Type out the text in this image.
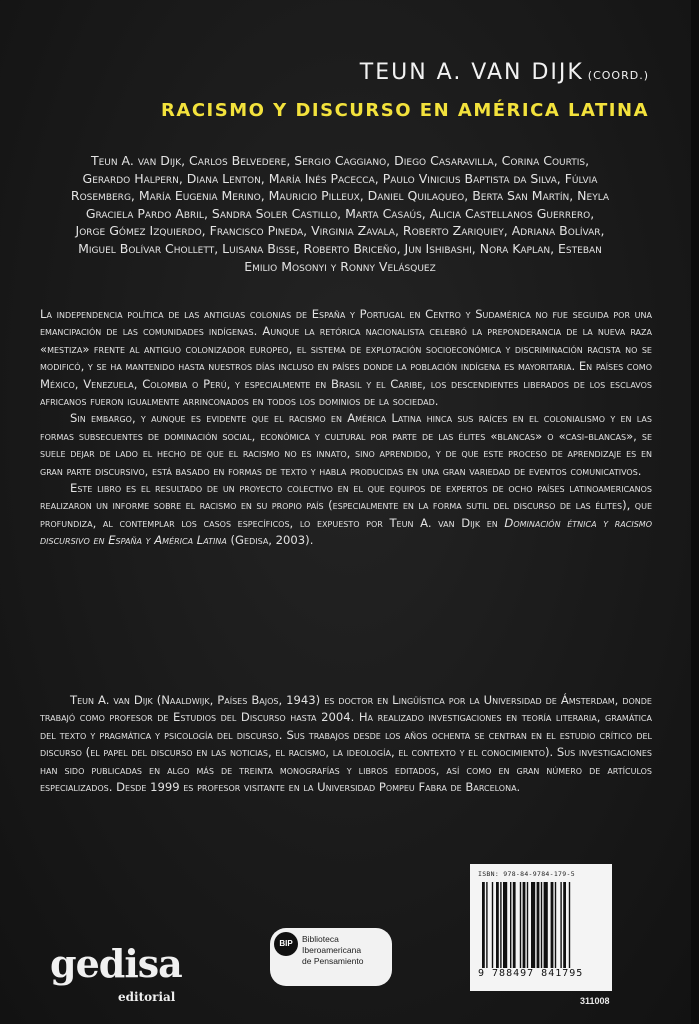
TEUN A. VAN DIJK (COORD.)
RACISMO Y DISCURSO EN AMÉRICA LATINA
Teun A. van Dijk, Carlos Belvedere, Sergio Caggiano, Diego Casaravilla, Corina Courtis, Gerardo Halpern, Diana Lenton, María Inés Pacecca, Paulo Vinicius Baptista da Silva, Fúlvia Rosemberg, María Eugenia Merino, Mauricio Pilleux, Daniel Quilaqueo, Berta San Martín, Neyla Graciela Pardo Abril, Sandra Soler Castillo, Marta Casaús, Alicia Castellanos Guerrero, Jorge Gómez Izquierdo, Francisco Pineda, Virginia Zavala, Roberto Zariquiey, Adriana Bolívar, Miguel Bolívar Chollett, Luisana Bisse, Roberto Briceño, Jun Ishibashi, Nora Kaplan, Esteban Emilio Mosonyi y Ronny Velásquez

La independencia política de las antiguas colonias de España y Portugal en Centro y Sudamérica no fue seguida por una emancipación de las comunidades indígenas. Aunque la retórica nacionalista celebró la preponderancia de la nueva raza «mestiza» frente al antiguo colonizador europeo, el sistema de explotación socioeconómica y discriminación racista no se modificó, y se ha mantenido hasta nuestros días incluso en países donde la población indígena es mayoritaria. En países como México, Venezuela, Colombia o Perú, y especialmente en Brasil y el Caribe, los descendientes liberados de los esclavos africanos fueron igualmente arrinconados en todos los dominios de la sociedad.

Sin embargo, y aunque es evidente que el racismo en América Latina hinca sus raíces en el colonialismo y en las formas subsecuentes de dominación social, económica y cultural por parte de las élites «blancas» o «casi-blancas», se suele dejar de lado el hecho de que el racismo no es innato, sino aprendido, y de que este proceso de aprendizaje es en gran parte discursivo, está basado en formas de texto y habla producidas en una gran variedad de eventos comunicativos.

Este libro es el resultado de un proyecto colectivo en el que equipos de expertos de ocho países latinoamericanos realizaron un informe sobre el racismo en su propio país (especialmente en la forma sutil del discurso de las élites), que profundiza, al contemplar los casos específicos, lo expuesto por Teun A. van Dijk en Dominación étnica y racismo discursivo en España y América Latina (Gedisa, 2003).

Teun A. van Dijk (Naaldwijk, Países Bajos, 1943) es doctor en Lingüística por la Universidad de Ámsterdam, donde trabajó como profesor de Estudios del Discurso hasta 2004. Ha realizado investigaciones en teoría literaria, gramática del texto y pragmática y psicología del discurso. Sus trabajos desde los años ochenta se centran en el estudio crítico del discurso (el papel del discurso en las noticias, el racismo, la ideología, el contexto y el conocimiento). Sus investigaciones han sido publicadas en algo más de treinta monografías y libros editados, así como en gran número de artículos especializados. Desde 1999 es profesor visitante en la Universidad Pompeu Fabra de Barcelona.

ISBN: 978-84-9784-179-5
9 788497 841795
311008
BIP	Biblioteca
Iberoamericana
de Pensamiento
gedisa
editorial
